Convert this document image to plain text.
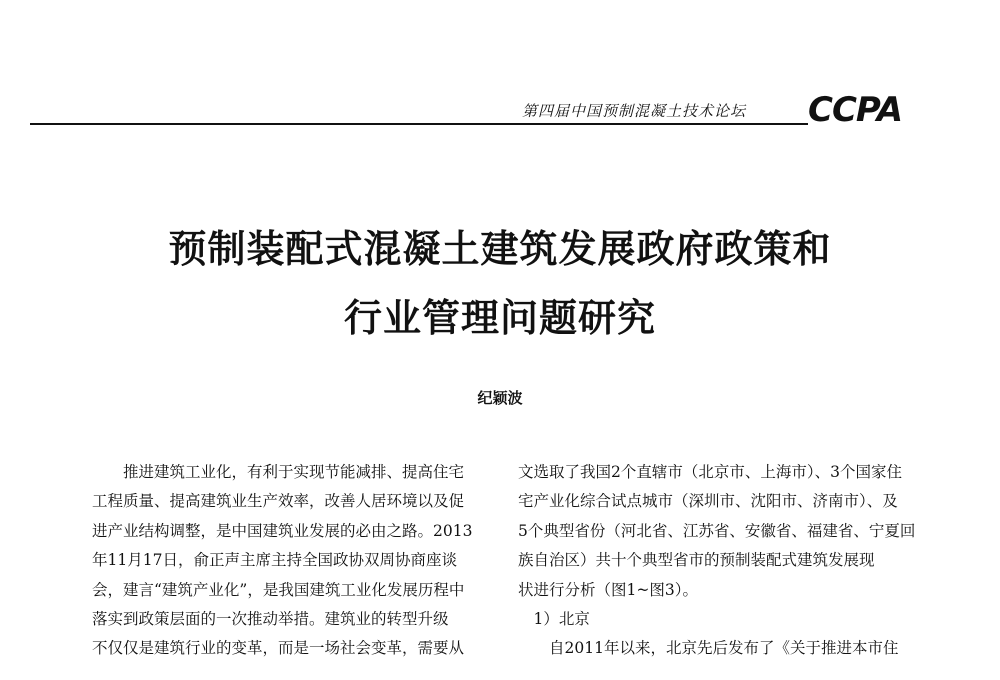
第四届中国预制混凝土技术论坛 CCPA
预制装配式混凝土建筑发展政府政策和
行业管理问题研究
纪颖波
　　推进建筑工业化，有利于实现节能减排、提高住宅
工程质量、提高建筑业生产效率，改善人居环境以及促
进产业结构调整，是中国建筑业发展的必由之路。2013
年11月17日，俞正声主席主持全国政协双周协商座谈
会，建言“建筑产业化”，是我国建筑工业化发展历程中
落实到政策层面的一次推动举措。建筑业的转型升级
不仅仅是建筑行业的变革，而是一场社会变革，需要从
文选取了我国2个直辖市（北京市、上海市）、3个国家住
宅产业化综合试点城市（深圳市、沈阳市、济南市）、及
5个典型省份（河北省、江苏省、安徽省、福建省、宁夏回
族自治区）共十个典型省市的预制装配式建筑发展现
状进行分析（图1~图3）。
　1）北京
　　自2011年以来，北京先后发布了《关于推进本市住
